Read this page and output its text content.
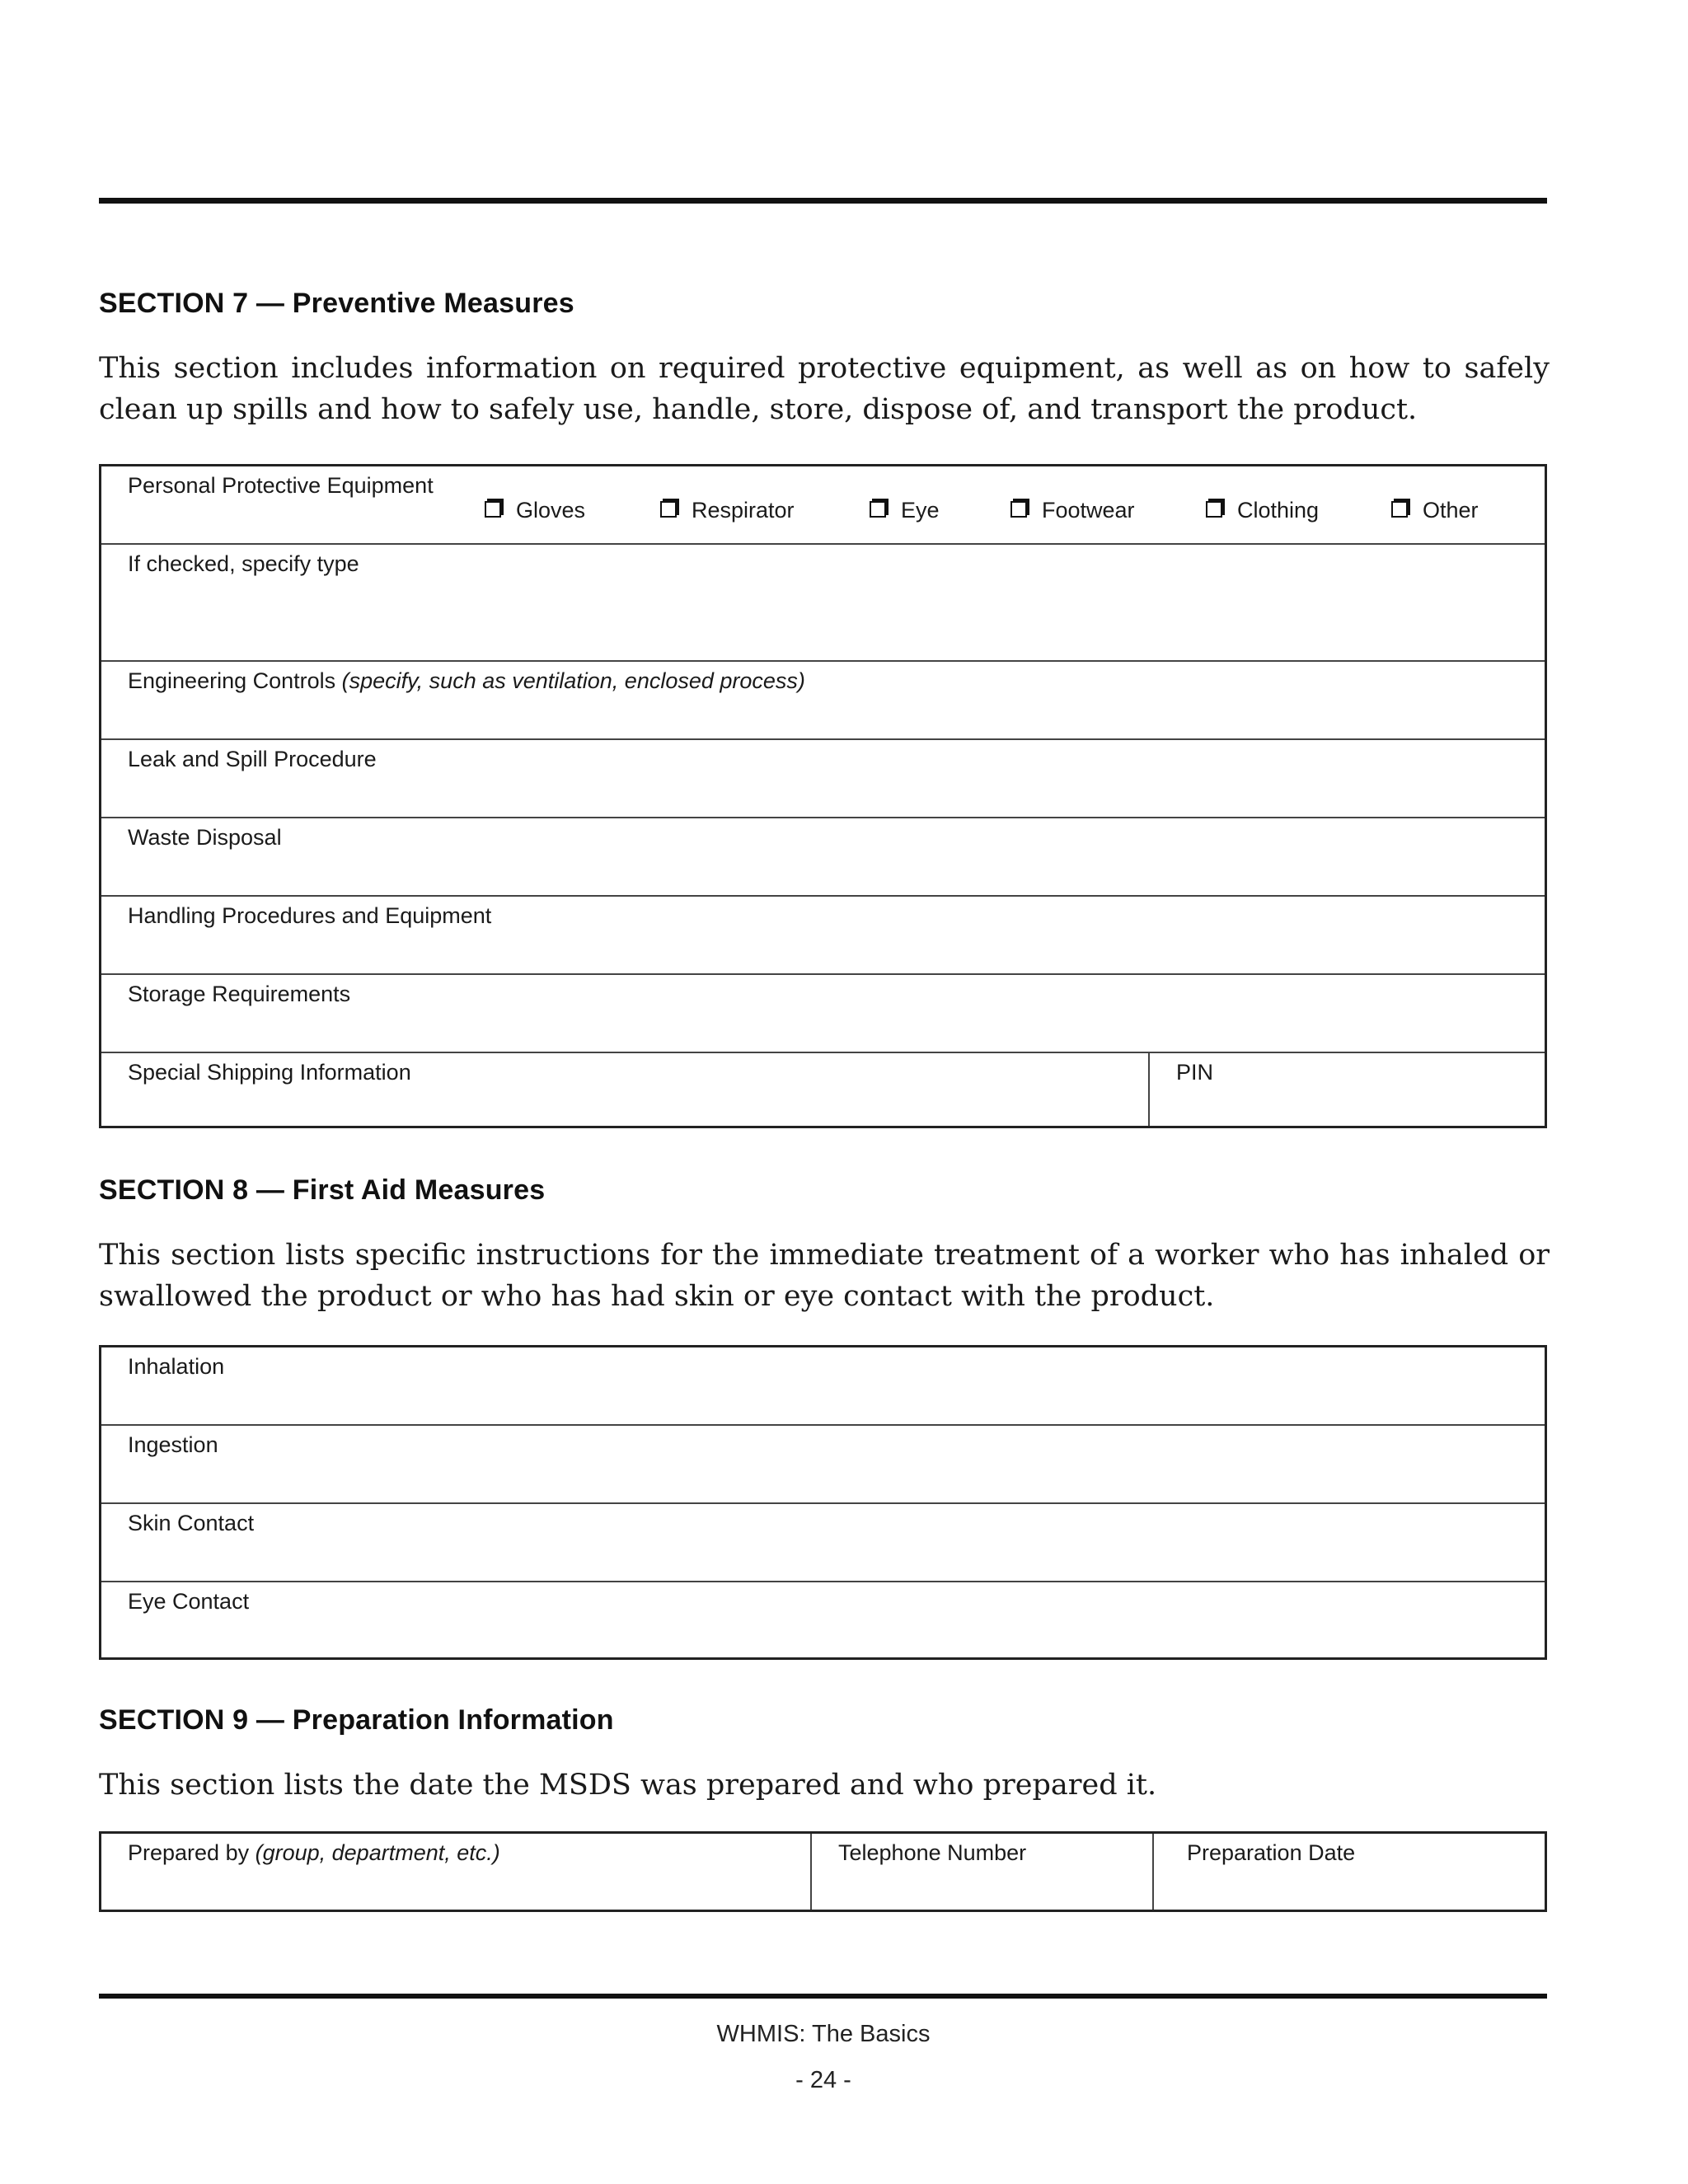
SECTION 7 — Preventive Measures

This section includes information on required protective equipment, as well as on how to safely clean up spills and how to safely use, handle, store, dispose of, and transport the product.

Personal Protective Equipment
Gloves	Respirator	Eye	Footwear	Clothing	Other
If checked, specify type
Engineering Controls (specify, such as ventilation, enclosed process)
Leak and Spill Procedure
Waste Disposal
Handling Procedures and Equipment
Storage Requirements
Special Shipping Information	PIN
SECTION 8 — First Aid Measures

This section lists specific instructions for the immediate treatment of a worker who has inhaled or swallowed the product or who has had skin or eye contact with the product.

Inhalation
Ingestion
Skin Contact
Eye Contact
SECTION 9 — Preparation Information

This section lists the date the MSDS was prepared and who prepared it.

Prepared by (group, department, etc.)	Telephone Number	Preparation Date
WHMIS: The Basics
- 24 -
